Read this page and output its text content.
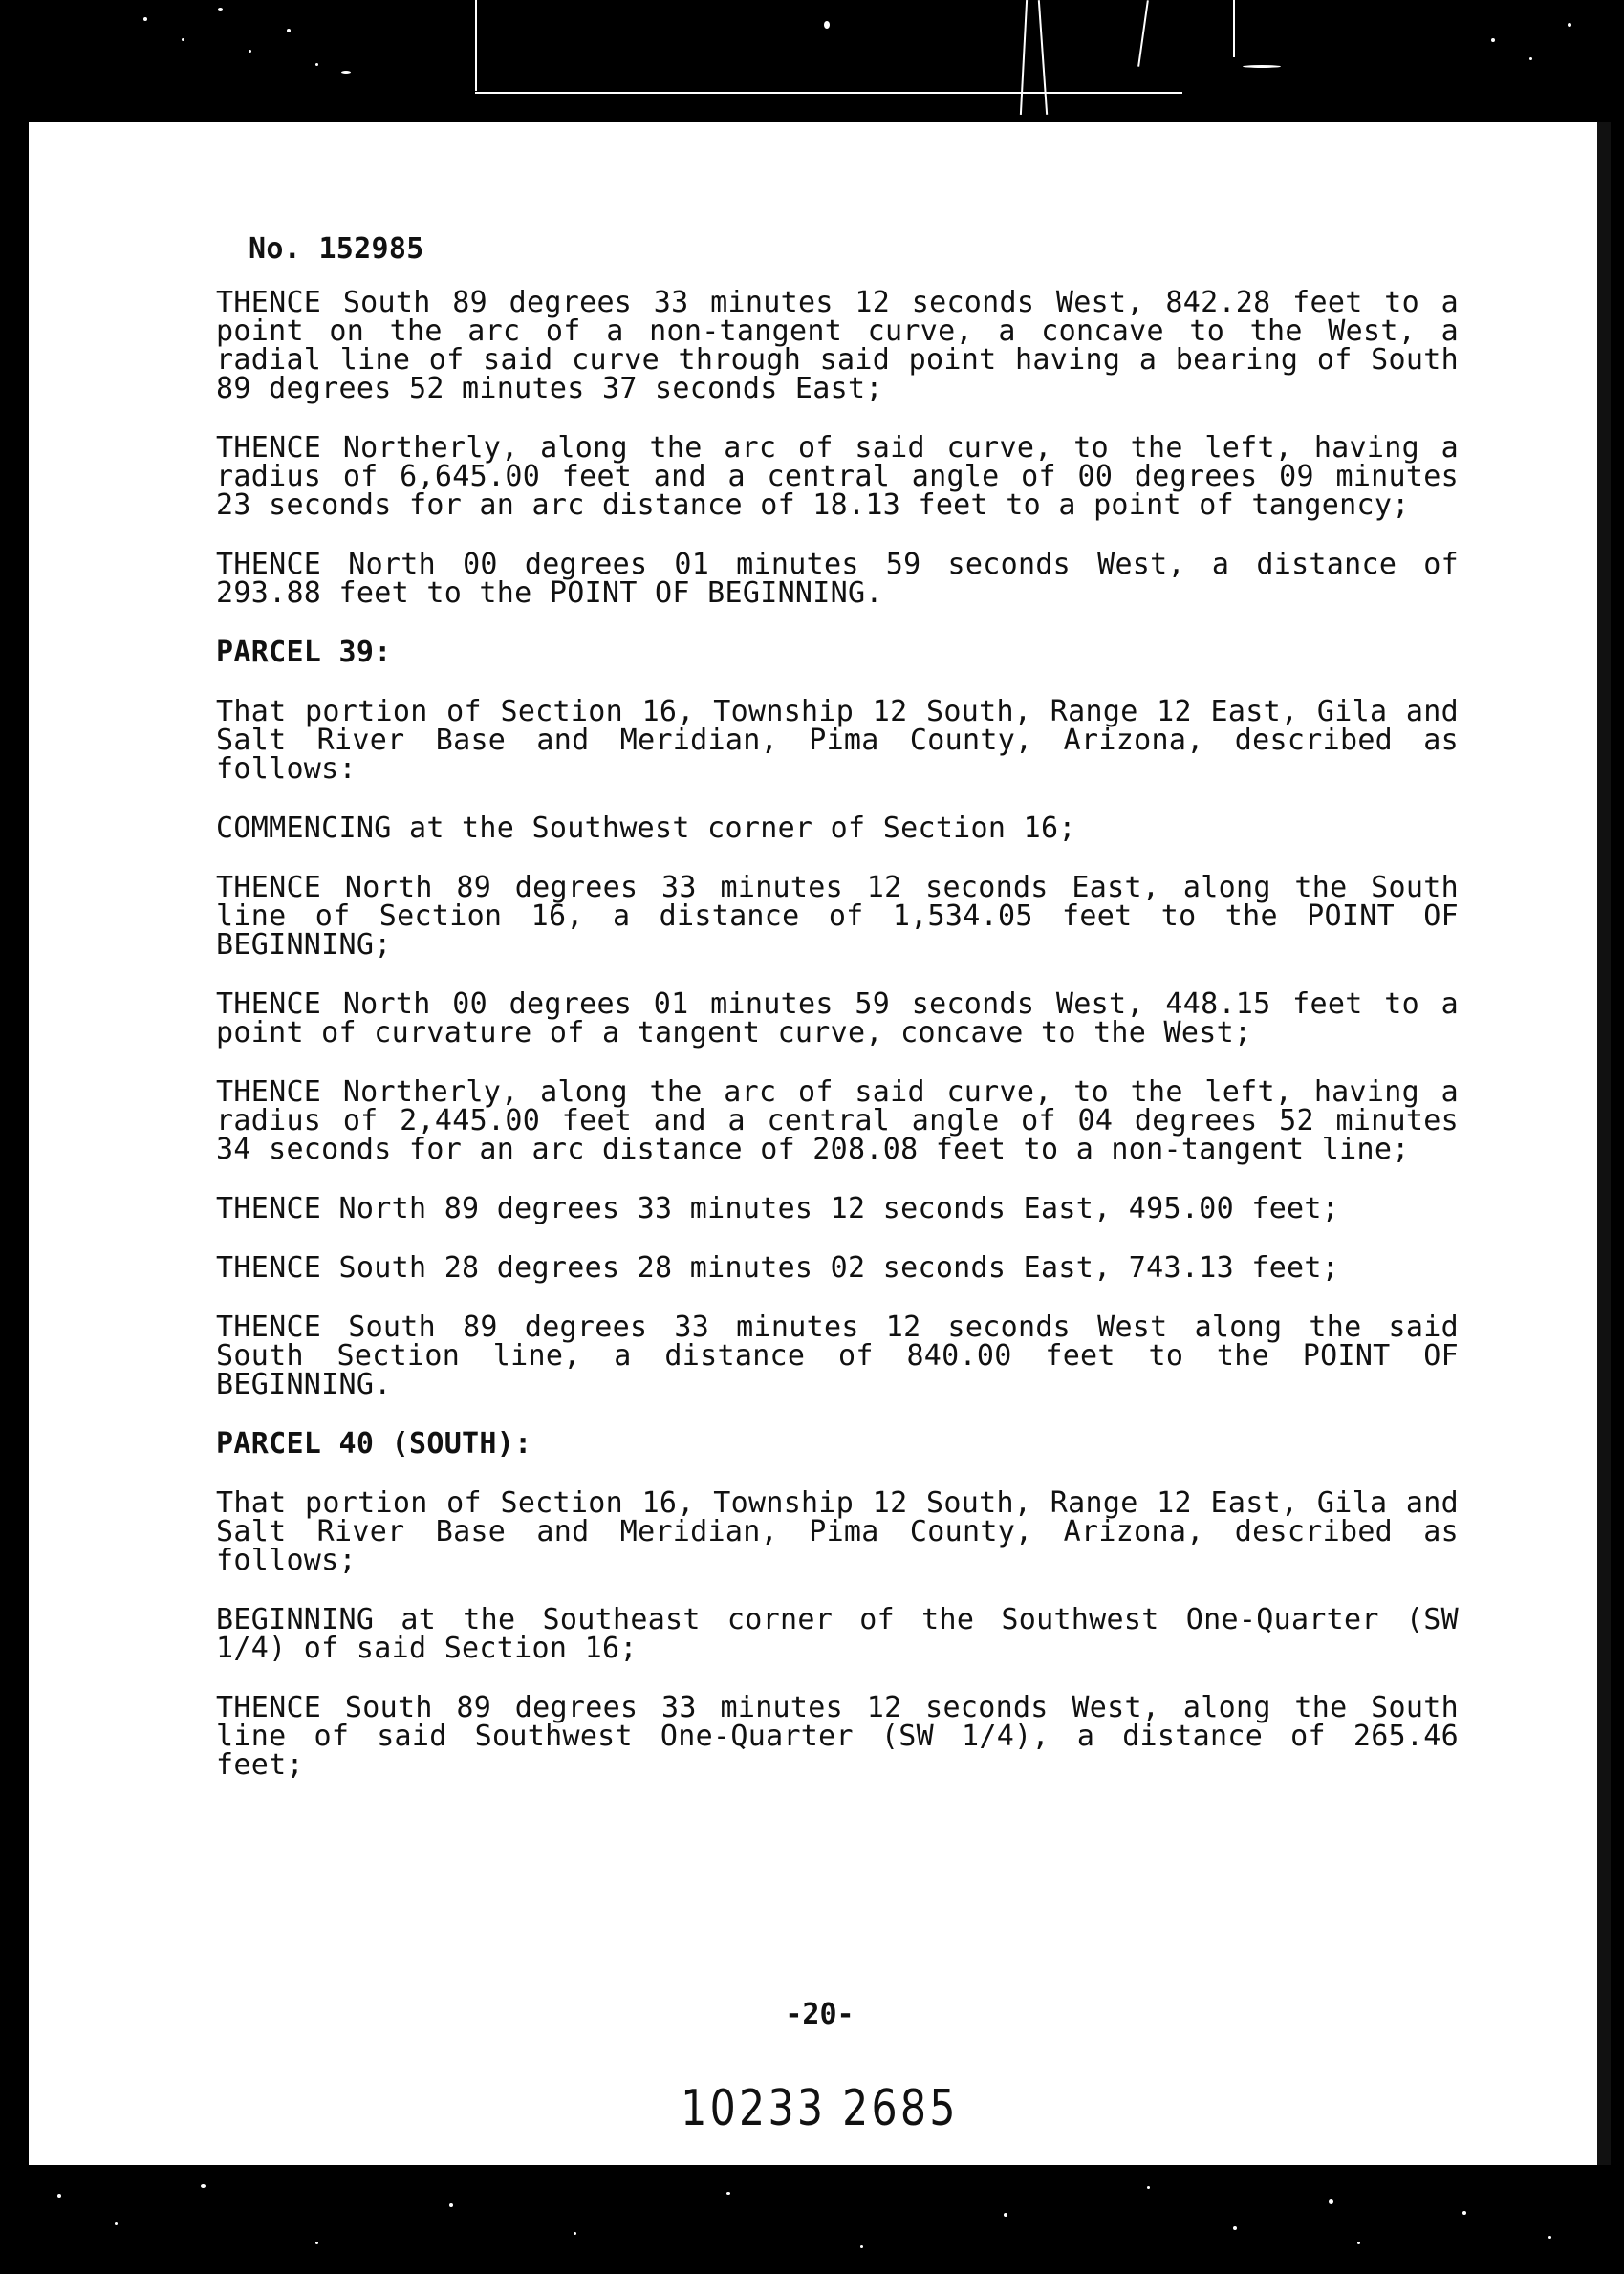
No. 152985

THENCE South 89 degrees 33 minutes 12 seconds West, 842.28 feet to a point on the arc of a non-tangent curve, a concave to the West, a radial line of said curve through said point having a bearing of South 89 degrees 52 minutes 37 seconds East;

THENCE Northerly, along the arc of said curve, to the left, having a radius of 6,645.00 feet and a central angle of 00 degrees 09 minutes 23 seconds for an arc distance of 18.13 feet to a point of tangency;

THENCE North 00 degrees 01 minutes 59 seconds West, a distance of 293.88 feet to the POINT OF BEGINNING.

PARCEL 39:

That portion of Section 16, Township 12 South, Range 12 East, Gila and Salt River Base and Meridian, Pima County, Arizona, described as follows:

COMMENCING at the Southwest corner of Section 16;

THENCE North 89 degrees 33 minutes 12 seconds East, along the South line of Section 16, a distance of 1,534.05 feet to the POINT OF BEGINNING;

THENCE North 00 degrees 01 minutes 59 seconds West, 448.15 feet to a point of curvature of a tangent curve, concave to the West;

THENCE Northerly, along the arc of said curve, to the left, having a radius of 2,445.00 feet and a central angle of 04 degrees 52 minutes 34 seconds for an arc distance of 208.08 feet to a non-tangent line;

THENCE North 89 degrees 33 minutes 12 seconds East, 495.00 feet;

THENCE South 28 degrees 28 minutes 02 seconds East, 743.13 feet;

THENCE South 89 degrees 33 minutes 12 seconds West along the said South Section line, a distance of 840.00 feet to the POINT OF BEGINNING.

PARCEL 40 (SOUTH):

That portion of Section 16, Township 12 South, Range 12 East, Gila and Salt River Base and Meridian, Pima County, Arizona, described as follows;

BEGINNING at the Southeast corner of the Southwest One-Quarter (SW 1/4) of said Section 16;

THENCE South 89 degrees 33 minutes 12 seconds West, along the South line of said Southwest One-Quarter (SW 1/4), a distance of 265.46 feet;

-20-
10233 2685
